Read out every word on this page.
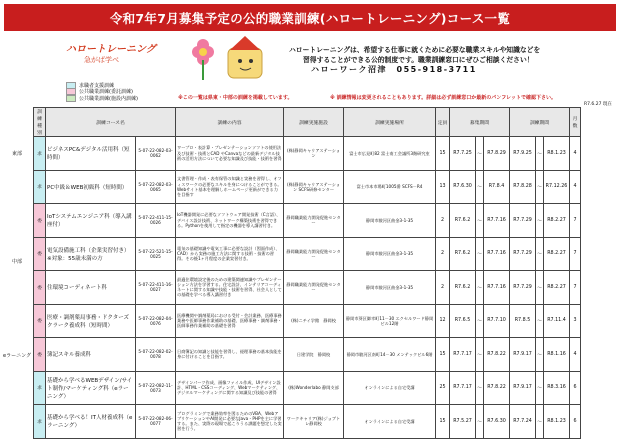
令和7年7月募集予定の公的職業訓練(ハロートレーニング)コース一覧
ハロートレーニング
急がば学べ
ハロートレーニングは、希望する仕事に就くために必要な職業スキルや知識などを
習得することができる公的制度です。職業訓練窓口にぜひご相談ください！
ハローワーク沼津　055-918-3711
求職者支援訓練
公共職業訓練(委託訓練)
公共職業訓練(施設内訓練)	※この一覧は県東・中部の訓練を掲載しています。	※ 訓練情報は変更されることもあります。詳細は必ず訓練窓口か最新のパンフレットで確認下さい。
R7.6.27 現在
訓練種別	訓練コース名		訓練の内容	訓練実施施設	訓練実施場所	定員	募集期間			訓練期間			月数
求	ビジネスPC&デジタル活用科（短時間）	5-07-22-082-03-0062	ワープロ・表計算・プレゼンテーションソフトの使用法及び技術・技術とCAD やCanvaなどの最新デジタル技術の活用方法について必要な知識及び技能・技術を習得	(株)静岡キャリアステーション	富士市広見町82 富士南工会議所3階研究室	15	R7.7.25	～	R7.8.29	R7.9.25	～	R8.1.23	4
求	PC中級＆WEB初級科（短時間）	5-07-22-082-03-0065	文書管理・作成・表有保管の知識と実務を習得し、オフィスワークの必要なスキルを身につけることができる。Webサイト基本を理解しホームページ更新ができる力を目指す	(株)静岡キャリアステーション SCFS研修センター	富士市本市場町1005番 SCFS－R4	13	R7.6.30	～	R7.8.4	R7.8.28	～	R7.12.26	4
委	IoTシステムエンジニア科（導入講座付）	5-07-22-411-15-0026	IoT機器開発に必要なソフトウェア開発技術（C言語）、デバイス設計技術、ネットワーク構築技術を習得できる。Pythonを使用して指定の機器を導入講習付き。	静岡職業能力開発促進センター	静岡市駿河区曲金3-1-35	2	R7.6.2	～	R7.7.16	R7.7.29	～	R8.2.27	7
委	電気設備施工科（企業実習付き）※対象：55歳未満の方	5-07-22-521-15-0025	電気の基礎知識や電気工事に必要な設計（図面作成）、CAD）から実務の施工方法に関する技術・技術の習得。その後1ヶ月程度の企業実習付き。	静岡職業能力開発促進センター	静岡市駿河区曲金3-1-35	2	R7.6.2	～	R7.7.16	R7.7.29	～	R8.2.27	7
委	住環境コーディネート科	5-07-22-411-16-0027	最適住環境設定後のための建築関連知識やプレゼンテーション方法を学習する。住宅設計、インテリアコーディネートに関する知識や技能・技術を習得、社会人としての基礎を学べる導入講習付き	静岡職業能力開発促進センター	静岡市駿河区曲金3-1-35	2	R7.6.2	～	R7.7.16	R7.7.29	～	R8.2.27	7
委	医療・調剤薬局事務・ドクターズクラーク養成科（短時間）	5-07-22-082-04-0076	医療機関や調剤薬局における受付・会計業務、医療事務業務や医師事務作業補助の基礎、医療事務・調剤事務・医師事務作業補助の基礎を習得	(株)ニチイ学館　静岡校	静岡市葵区御幸町11－30 エクセルワード静岡ビル12階	12	R7.6.5	～	R7.7.10	R7.8.5	～	R7.11.4	3
委	簿記スキル養成科	5-07-22-082-02-0078	日商簿記の知識と技能を習得し、経理事務の基本技能を身に付けることを目指す。	日建学院　静岡校	静岡市駿河区南町14－30 メンテックビル6階	15	R7.7.17	～	R7.8.22	R7.9.17	～	R8.1.16	4
求	基礎から学べるWEBデザイン/サイト制作/マーケティング科（eラーニング）	5-07-22-082-11-0073	デザインパーツ作成、画像ファイル作成、UIデザイン設計、HTML・CSSコーディング、Webマーケティング、デジタルマーケティングに関する知識及び技能の習得	(株)Wonderlabo 静岡支部	オンラインによる自宅受講	25	R7.7.17	～	R7.8.22	R7.9.17	～	R8.3.16	6
求	基礎から学べる！IT人材養成科（eラーニング）	5-07-22-082-06-0077	プログラミングで業務効率を図るためのVBA、WebアプリケーションやAI開発に必要なJava・PHPを主に学習する。また、実際の現場で起こりうる課題を想定した実習を行う。	ワークキャリア(株)ジョブトレ静岡校	オンラインによる自宅受講	15	R7.5.27	～	R7.6.30	R7.7.24	～	R8.1.23	6
東部
中部
eラーニング
